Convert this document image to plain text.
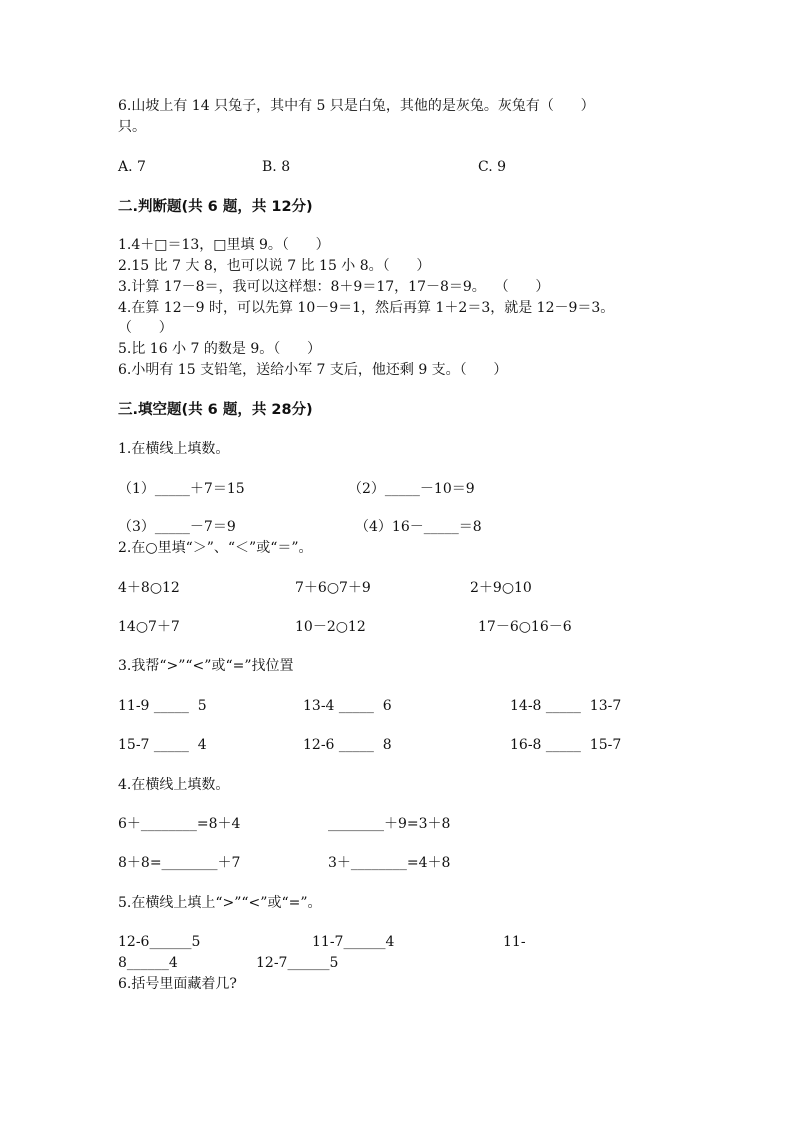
6.山坡上有 14 只兔子，其中有 5 只是白兔，其他的是灰兔。灰兔有（      ）
只。
A. 7	B. 8	C. 9
二.判断题(共 6 题，共 12分)
1.4＋□＝13，□里填 9。（      ）
2.15 比 7 大 8，也可以说 7 比 15 小 8。（      ）
3.计算 17－8＝，我可以这样想：8＋9＝17，17－8＝9。  （      ）
4.在算 12－9 时，可以先算 10－9＝1，然后再算 1＋2＝3，就是 12－9＝3。
（      ）
5.比 16 小 7 的数是 9。（      ）
6.小明有 15 支铅笔，送给小军 7 支后，他还剩 9 支。（      ）
三.填空题(共 6 题，共 28分)
1.在横线上填数。
（1）_____＋7＝15	（2）_____－10＝9
（3）_____－7＝9	（4）16－_____＝8
2.在○里填“＞”、“＜”或“＝”。
4＋8○12	7＋6○7＋9	2＋9○10
14○7＋7	10－2○12	17－6○16－6
3.我帮“>”“<”或“=”找位置
11-9 _____  5	13-4 _____  6	14-8 _____  13-7
15-7 _____  4	12-6 _____  8	16-8 _____  15-7
4.在横线上填数。
6＋________=8＋4	________＋9=3＋8
8＋8=________＋7	3＋________=4＋8
5.在横线上填上“>”“<”或“=”。
12-6______5	11-7______4	11-
8______4	12-7______5
6.括号里面藏着几?
